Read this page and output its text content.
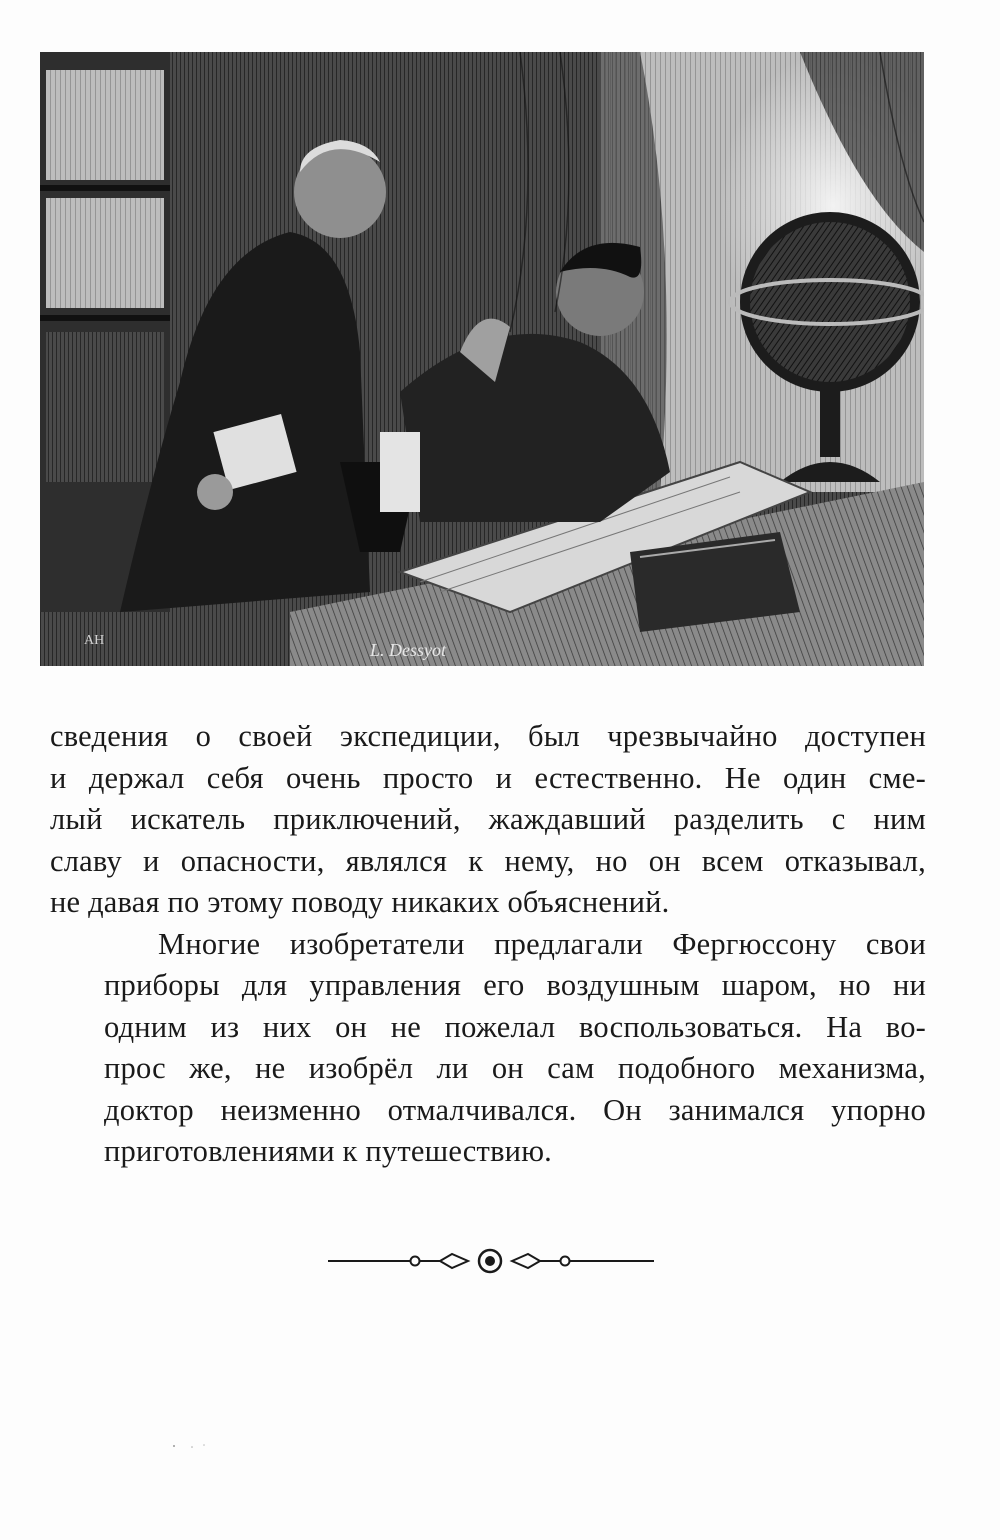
L. Dessyot
AH

сведения о своей экспедиции, был чрезвычайно доступен
и держал себя очень просто и естественно. Не один сме-
лый искатель приключений, жаждавший разделить с ним
славу и опасности, являлся к нему, но он всем отказывал,
не давая по этому поводу никаких объяснений.

Многие изобретатели предлагали Фергюссону свои
приборы для управления его воздушным шаром, но ни
одним из них он не пожелал воспользоваться. На во-
прос же, не изобрёл ли он сам подобного механизма,
доктор неизменно отмалчивался. Он занимался упорно
приготовлениями к путешествию.
